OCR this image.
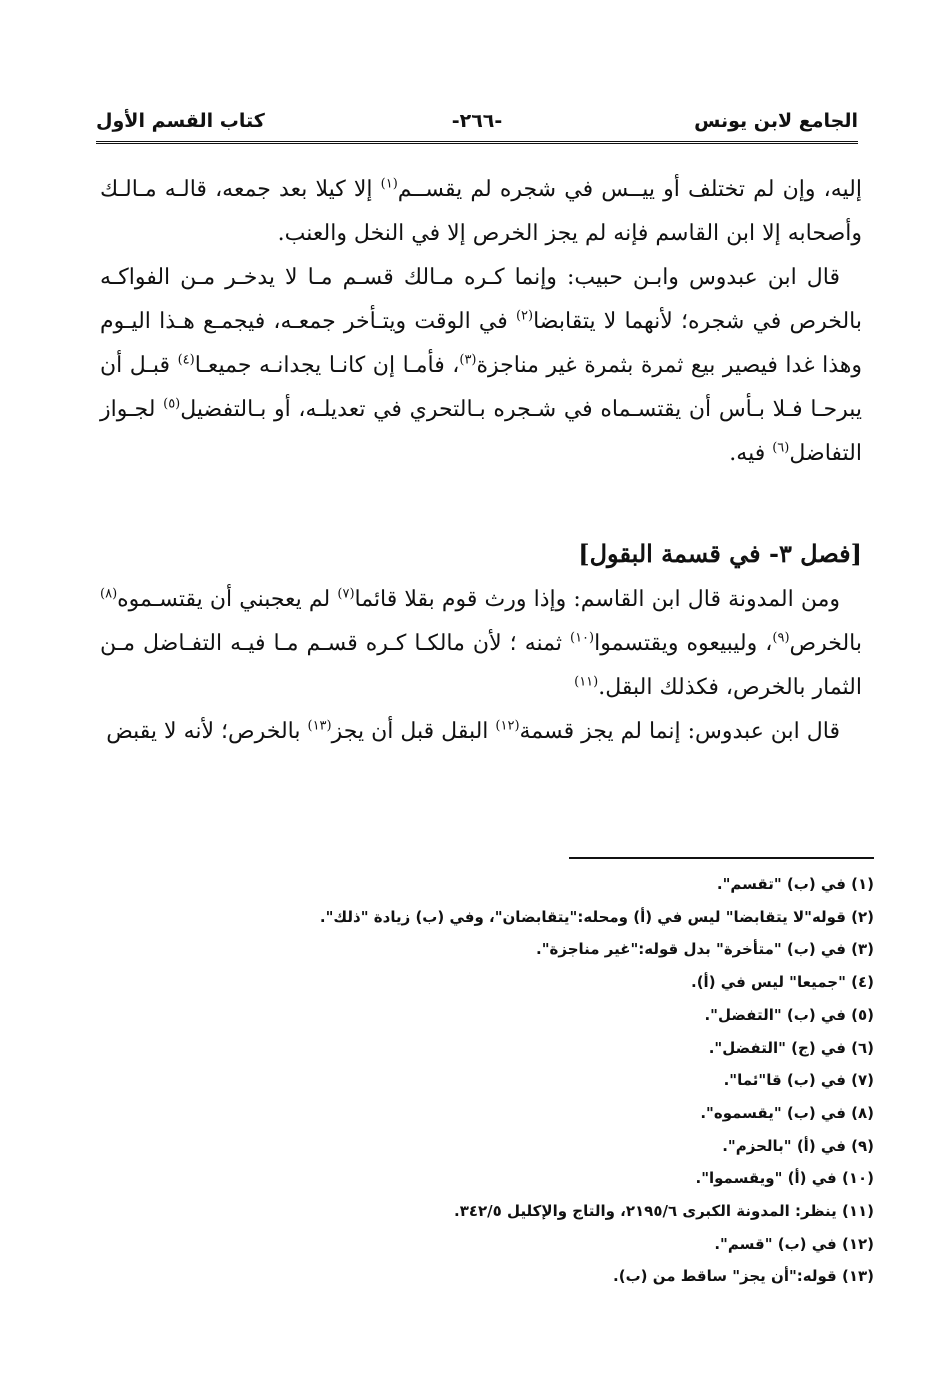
الجامع لابن يونس
-٢٦٦-
كتاب القسم الأول

إليه، وإن لم تختلف أو ييــس في شجره لم يقســم$^{(١)}$ إلا كيلا بعد جمعه، قالـه مـالـك وأصحابه إلا ابن القاسم فإنه لم يجز الخرص إلا في النخل والعنب.

قال ابن عبدوس وابـن حبيب: وإنما كـره مـالك قسـم مـا لا يدخـر مـن الفواكـه بالخرص في شجره؛ لأنهما لا يتقابضا$^{(٢)}$ في الوقت ويتـأخر جمعـه، فيجمـع هـذا اليـوم وهذا غدا فيصير بيع ثمرة بثمرة غير مناجزة$^{(٣)}$، فأمـا إن كانـا يجدانـه جميعـا$^{(٤)}$ قبـل أن يبرحـا فـلا بـأس أن يقتسـماه في شـجره بـالتحري في تعديلـه، أو بـالتفضيل$^{(٥)}$ لجـواز التفاضل$^{(٦)}$ فيه.

[فصل ٣- في قسمة البقول]

ومن المدونة قال ابن القاسم: وإذا ورث قوم بقلا قائما$^{(٧)}$ لم يعجبني أن يقتسـموه$^{(٨)}$ بالخرص$^{(٩)}$، وليبيعوه ويقتسموا$^{(١٠)}$ ثمنه ؛ لأن مالكـا كـره قسـم مـا فيـه التفـاضل مـن الثمار بالخرص، فكذلك البقل.$^{(١١)}$

قال ابن عبدوس: إنما لم يجز قسمة$^{(١٢)}$ البقل قبل أن يجز$^{(١٣)}$ بالخرص؛ لأنه لا يقبض

(١) في (ب) "تقسم".
(٢) قوله"لا يتقابضا" ليس في (أ) ومحله:"يتقابضان"، وفي (ب) زيادة "ذلك".
(٣) في (ب) "متأخرة" بدل قوله:"غير مناجزة".
(٤) "جميعا" ليس في (أ).
(٥) في (ب) "التفضل".
(٦) في (ج) "التفضل".
(٧) في (ب) قا"ئما".
(٨) في (ب) "يقسموه".
(٩) في (أ) "بالحزم".
(١٠) في (أ) "ويقسموا".
(١١) ينظر: المدونة الكبرى ٢١٩٥/٦، والتاج والإكليل ٣٤٢/٥.
(١٢) في (ب) "قسم".
(١٣) قوله:"أن يجز" ساقط من (ب).
